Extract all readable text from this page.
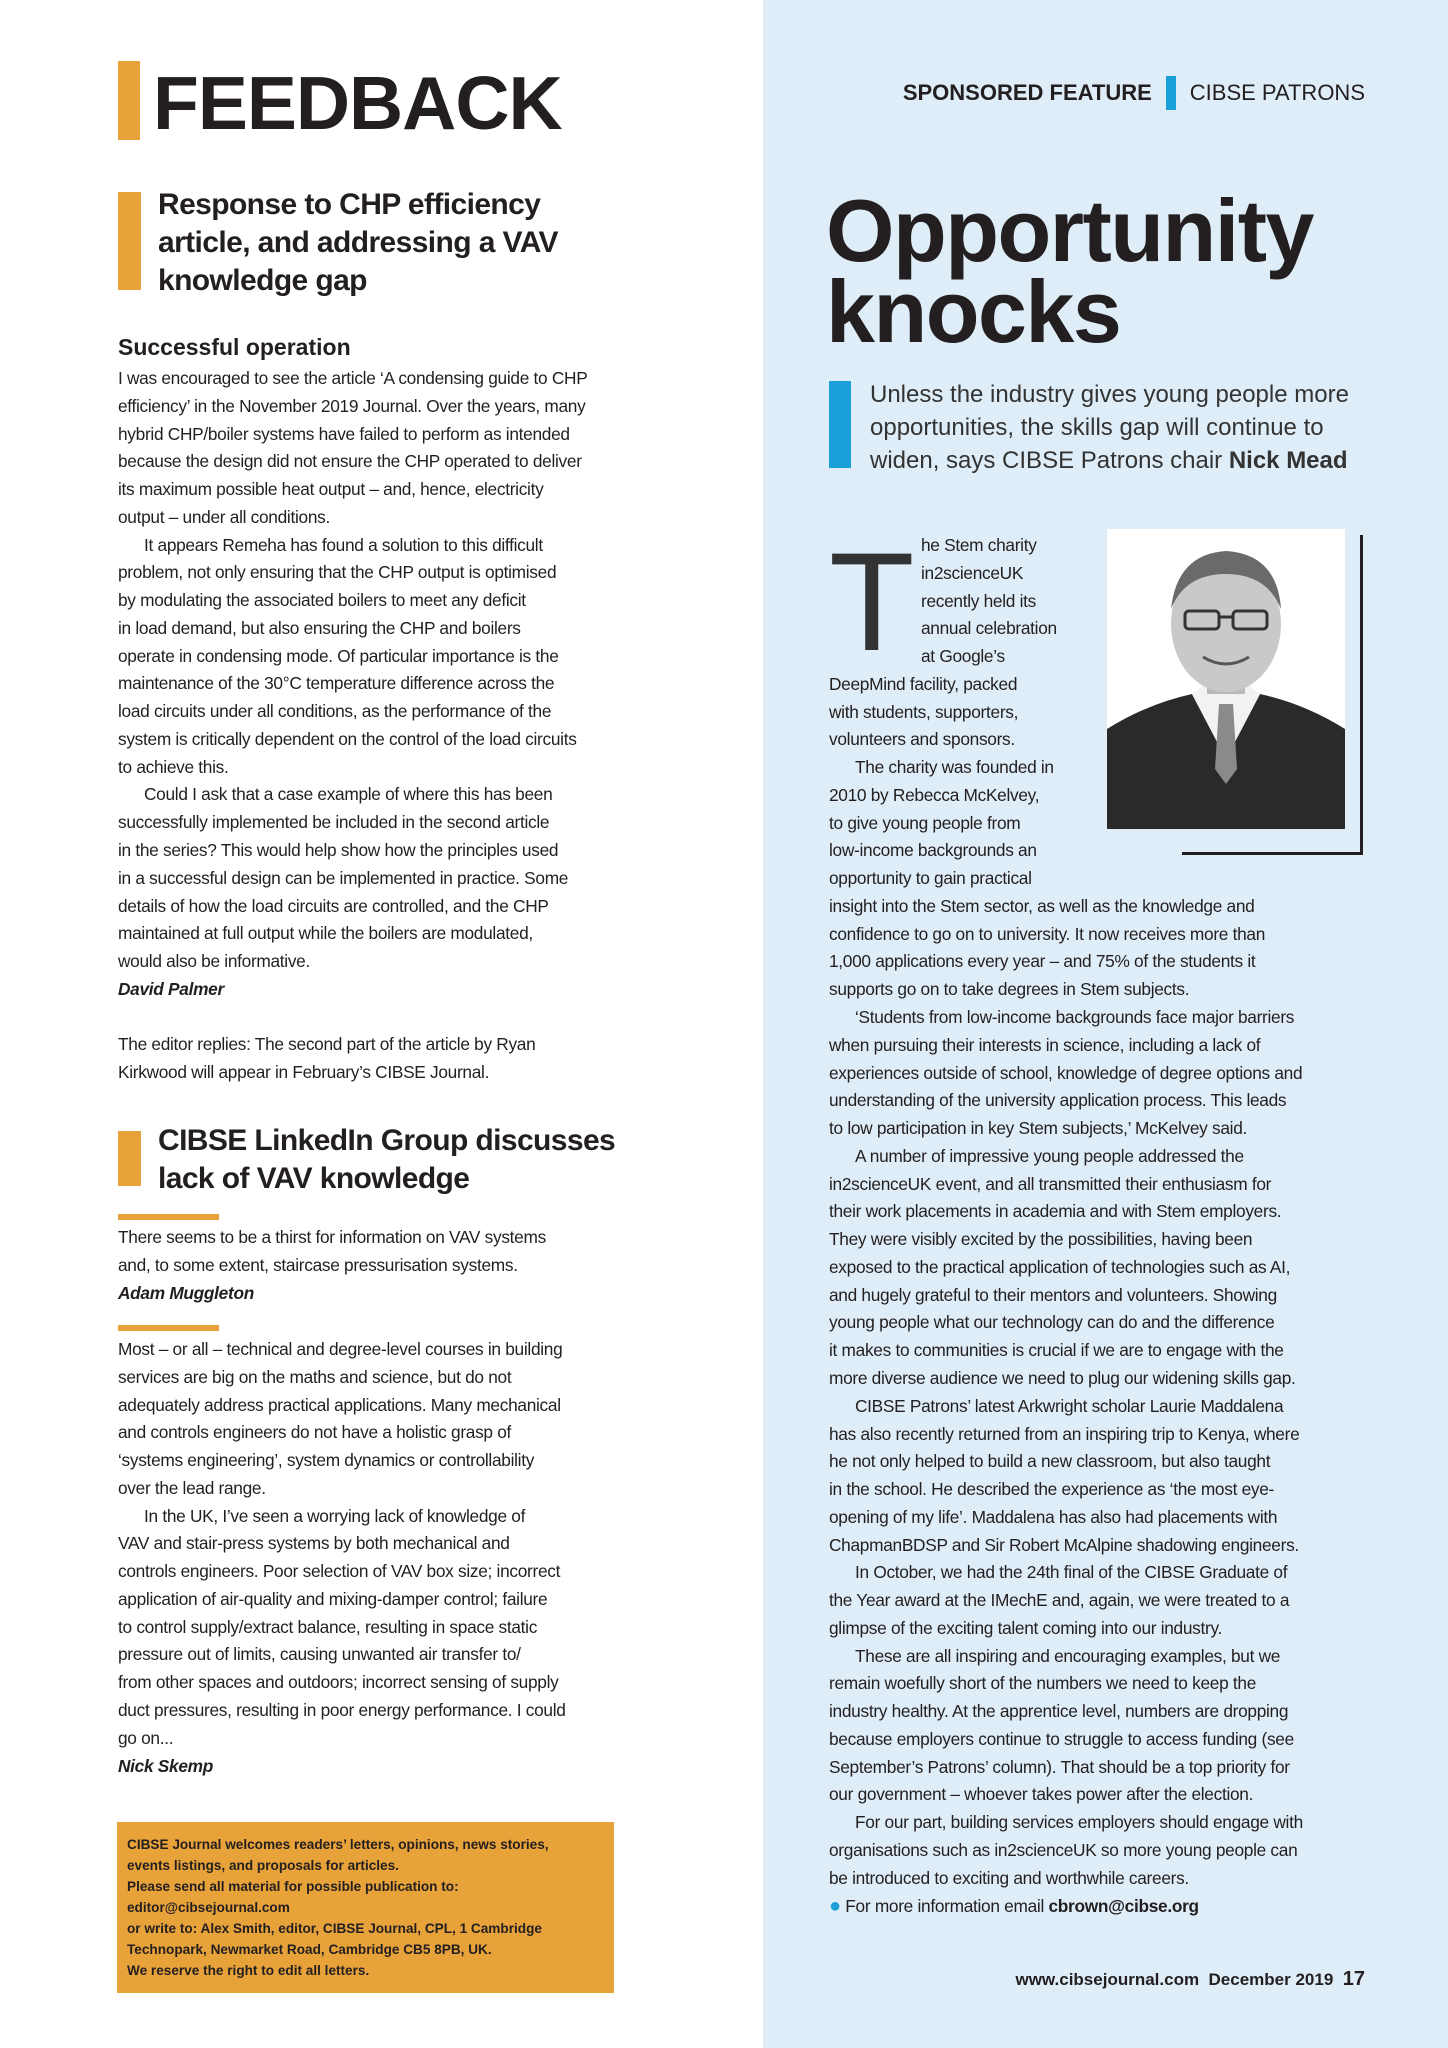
FEEDBACK
Response to CHP efficiency
article, and addressing a VAV
knowledge gap
Successful operation
I was encouraged to see the article ‘A condensing guide to CHP
efficiency’ in the November 2019 Journal. Over the years, many
hybrid CHP/boiler systems have failed to perform as intended
because the design did not ensure the CHP operated to deliver
its maximum possible heat output – and, hence, electricity
output – under all conditions.
It appears Remeha has found a solution to this difficult
problem, not only ensuring that the CHP output is optimised
by modulating the associated boilers to meet any deficit
in load demand, but also ensuring the CHP and boilers
operate in condensing mode. Of particular importance is the
maintenance of the 30°C temperature difference across the
load circuits under all conditions, as the performance of the
system is critically dependent on the control of the load circuits
to achieve this.
Could I ask that a case example of where this has been
successfully implemented be included in the second article
in the series? This would help show how the principles used
in a successful design can be implemented in practice. Some
details of how the load circuits are controlled, and the CHP
maintained at full output while the boilers are modulated,
would also be informative.
David Palmer
The editor replies: The second part of the article by Ryan
Kirkwood will appear in February’s CIBSE Journal.
CIBSE LinkedIn Group discusses
lack of VAV knowledge
There seems to be a thirst for information on VAV systems
and, to some extent, staircase pressurisation systems.
Adam Muggleton
Most – or all – technical and degree-level courses in building
services are big on the maths and science, but do not
adequately address practical applications. Many mechanical
and controls engineers do not have a holistic grasp of
‘systems engineering’, system dynamics or controllability
over the lead range.
In the UK, I’ve seen a worrying lack of knowledge of
VAV and stair-press systems by both mechanical and
controls engineers. Poor selection of VAV box size; incorrect
application of air-quality and mixing-damper control; failure
to control supply/extract balance, resulting in space static
pressure out of limits, causing unwanted air transfer to/
from other spaces and outdoors; incorrect sensing of supply
duct pressures, resulting in poor energy performance. I could
go on...
Nick Skemp
CIBSE Journal welcomes readers’ letters, opinions, news stories,
events listings, and proposals for articles.
Please send all material for possible publication to:
editor@cibsejournal.com
or write to: Alex Smith, editor, CIBSE Journal, CPL, 1 Cambridge
Technopark, Newmarket Road, Cambridge CB5 8PB, UK.
We reserve the right to edit all letters.
SPONSORED FEATURE CIBSE PATRONS
Opportunity
knocks
Unless the industry gives young people more
opportunities, the skills gap will continue to
widen, says CIBSE Patrons chair Nick Mead
T he Stem charity
in2scienceUK
recently held its
annual celebration
at Google’s
DeepMind facility, packed
with students, supporters,
volunteers and sponsors.
The charity was founded in
2010 by Rebecca McKelvey,
to give young people from
low-income backgrounds an
opportunity to gain practical
insight into the Stem sector, as well as the knowledge and
confidence to go on to university. It now receives more than
1,000 applications every year – and 75% of the students it
supports go on to take degrees in Stem subjects.
‘Students from low-income backgrounds face major barriers
when pursuing their interests in science, including a lack of
experiences outside of school, knowledge of degree options and
understanding of the university application process. This leads
to low participation in key Stem subjects,’ McKelvey said.
A number of impressive young people addressed the
in2scienceUK event, and all transmitted their enthusiasm for
their work placements in academia and with Stem employers.
They were visibly excited by the possibilities, having been
exposed to the practical application of technologies such as AI,
and hugely grateful to their mentors and volunteers. Showing
young people what our technology can do and the difference
it makes to communities is crucial if we are to engage with the
more diverse audience we need to plug our widening skills gap.
CIBSE Patrons’ latest Arkwright scholar Laurie Maddalena
has also recently returned from an inspiring trip to Kenya, where
he not only helped to build a new classroom, but also taught
in the school. He described the experience as ‘the most eye-
opening of my life’. Maddalena has also had placements with
ChapmanBDSP and Sir Robert McAlpine shadowing engineers.
In October, we had the 24th final of the CIBSE Graduate of
the Year award at the IMechE and, again, we were treated to a
glimpse of the exciting talent coming into our industry.
These are all inspiring and encouraging examples, but we
remain woefully short of the numbers we need to keep the
industry healthy. At the apprentice level, numbers are dropping
because employers continue to struggle to access funding (see
September’s Patrons’ column). That should be a top priority for
our government – whoever takes power after the election.
For our part, building services employers should engage with
organisations such as in2scienceUK so more young people can
be introduced to exciting and worthwhile careers.
● For more information email cbrown@cibse.org
www.cibsejournal.com December 2019 17
